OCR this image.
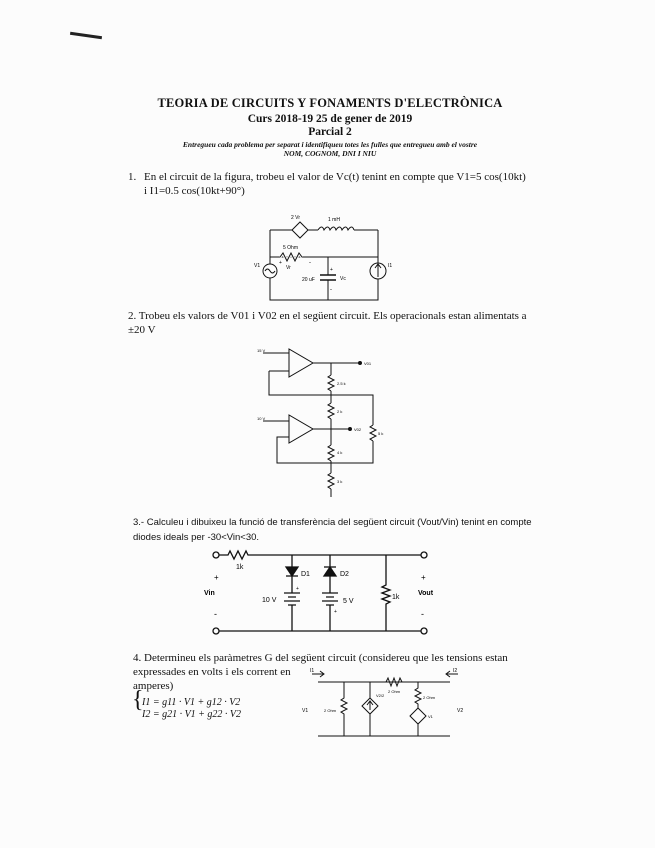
TEORIA DE CIRCUITS Y FONAMENTS D'ELECTRÒNICA
Curs 2018-19 25 de gener de 2019
Parcial 2
Entregueu cada problema per separat i identifiqueu totes les fulles que entregueu amb el vostre
NOM, COGNOM, DNI I NIU
1. En el circuit de la figura, trobeu el valor de Vc(t) tenint en compte que V1=5 cos(10kt)
i I1=0.5 cos(10kt+90°)
2 Vr	1 mH
5 Ohm
Vr
20 uF	Vc
V1	I1
+
-
+	-
2. Trobeu els valors de V01 i V02 en el següent circuit. Els operacionals estan alimentats a ±20 V
15 V
10 V
V01
V02
2.5 k
2 k
5 k
4 k
3 k
3.- Calculeu i dibuixeu la funció de transferència del següent circuit (Vout/Vin) tenint en compte diodes ideals per -30<Vin<30.
1k
D1	D2
10 V	5 V
1k
Vin	Vout
+
-
+
-
+
+
4. Determineu els paràmetres G del següent circuit (considereu que les tensions estan
expressades en volts i els corrent en amperes)
{
I1 = g11 · V1 + g12 · V2
I2 = g21 · V1 + g22 · V2
I1	I2
V1	V2
2 Ohm
2 Ohm
2 Ohm
V2/2
V1
